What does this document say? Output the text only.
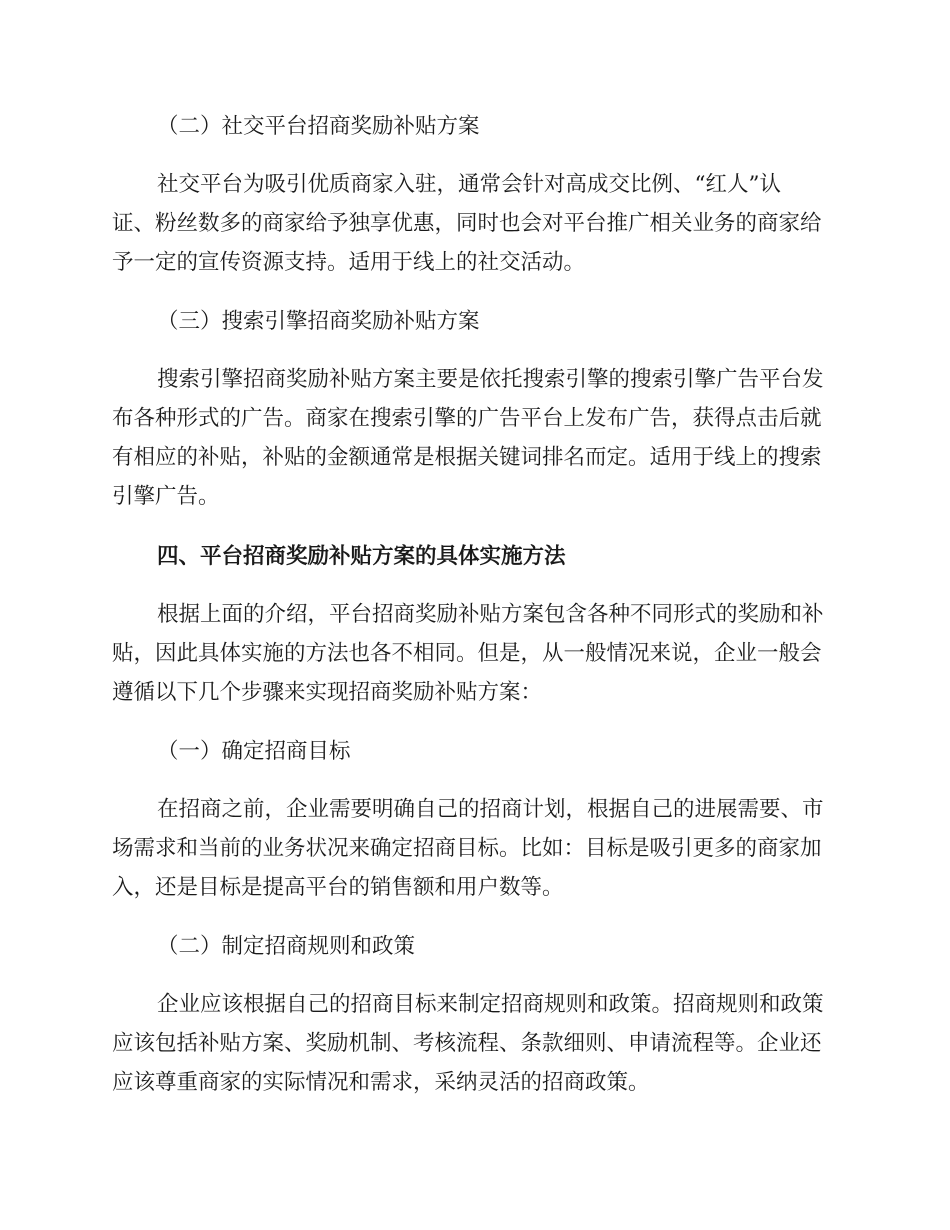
（二）社交平台招商奖励补贴方案
社交平台为吸引优质商家入驻，通常会针对高成交比例、“红人”认
证、粉丝数多的商家给予独享优惠，同时也会对平台推广相关业务的商家给
予一定的宣传资源支持。适用于线上的社交活动。
（三）搜索引擎招商奖励补贴方案
搜索引擎招商奖励补贴方案主要是依托搜索引擎的搜索引擎广告平台发
布各种形式的广告。商家在搜索引擎的广告平台上发布广告，获得点击后就
有相应的补贴，补贴的金额通常是根据关键词排名而定。适用于线上的搜索
引擎广告。
四、平台招商奖励补贴方案的具体实施方法
根据上面的介绍，平台招商奖励补贴方案包含各种不同形式的奖励和补
贴，因此具体实施的方法也各不相同。但是，从一般情况来说，企业一般会
遵循以下几个步骤来实现招商奖励补贴方案：
（一）确定招商目标
在招商之前，企业需要明确自己的招商计划，根据自己的进展需要、市
场需求和当前的业务状况来确定招商目标。比如：目标是吸引更多的商家加
入，还是目标是提高平台的销售额和用户数等。
（二）制定招商规则和政策
企业应该根据自己的招商目标来制定招商规则和政策。招商规则和政策
应该包括补贴方案、奖励机制、考核流程、条款细则、申请流程等。企业还
应该尊重商家的实际情况和需求，采纳灵活的招商政策。
